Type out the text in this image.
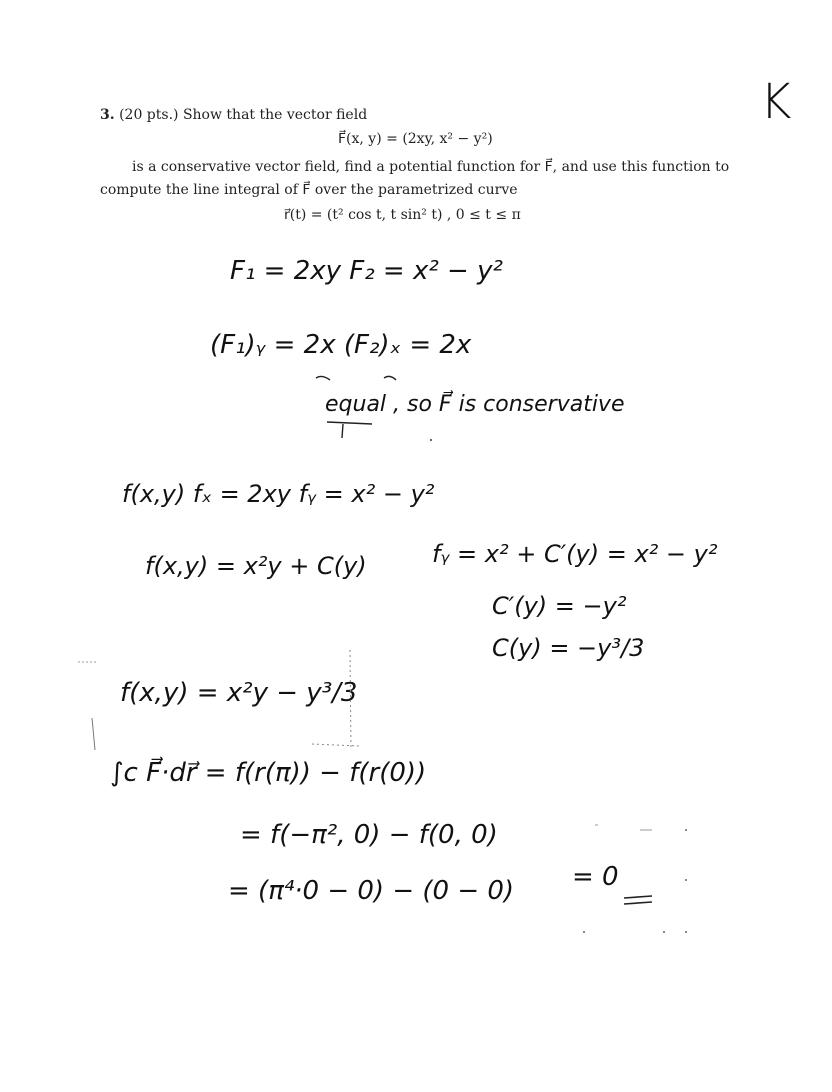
3. (20 pts.) Show that the vector field
F⃗(x, y) = (2xy, x² − y²)
is a conservative vector field, find a potential function for F⃗, and use this function to
compute the line integral of F⃗ over the parametrized curve
r⃗(t) = (t² cos t, t sin² t) , 0 ≤ t ≤ π
K
F₁ = 2xy F₂ = x² − y²
(F₁)ᵧ = 2x (F₂)ₓ = 2x
equal , so F⃗ is conservative
f(x,y) fₓ = 2xy fᵧ = x² − y²
f(x,y) = x²y + C(y)	fᵧ = x² + C′(y) = x² − y²
C′(y) = −y²
C(y) = −y³/3
f(x,y) = x²y − y³/3
∫ᴄ F⃗·dr⃗ = f(r(π)) − f(r(0))
= f(−π², 0) − f(0, 0)
= (π⁴·0 − 0) − (0 − 0) = 0
